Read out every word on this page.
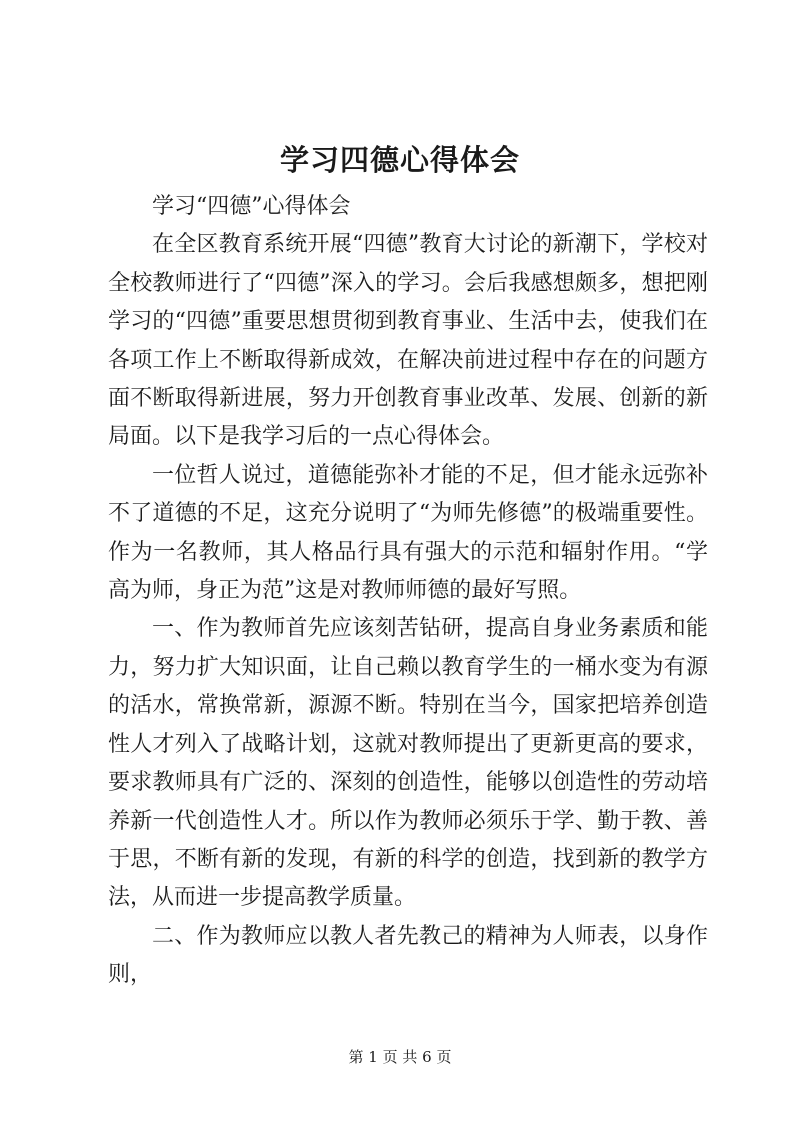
学习四德心得体会

学习“四德”心得体会

在全区教育系统开展“四德”教育大讨论的新潮下，学校对全校教师进行了“四德”深入的学习。会后我感想颇多，想把刚学习的“四德”重要思想贯彻到教育事业、生活中去，使我们在各项工作上不断取得新成效，在解决前进过程中存在的问题方面不断取得新进展，努力开创教育事业改革、发展、创新的新局面。以下是我学习后的一点心得体会。

一位哲人说过，道德能弥补才能的不足，但才能永远弥补不了道德的不足，这充分说明了“为师先修德”的极端重要性。作为一名教师，其人格品行具有强大的示范和辐射作用。“学高为师，身正为范”这是对教师师德的最好写照。

一、作为教师首先应该刻苦钻研，提高自身业务素质和能力，努力扩大知识面，让自己赖以教育学生的一桶水变为有源的活水，常换常新，源源不断。特别在当今，国家把培养创造性人才列入了战略计划，这就对教师提出了更新更高的要求，要求教师具有广泛的、深刻的创造性，能够以创造性的劳动培养新一代创造性人才。所以作为教师必须乐于学、勤于教、善于思，不断有新的发现，有新的科学的创造，找到新的教学方法，从而进一步提高教学质量。

二、作为教师应以教人者先教己的精神为人师表，以身作则，

第 1 页 共 6 页
